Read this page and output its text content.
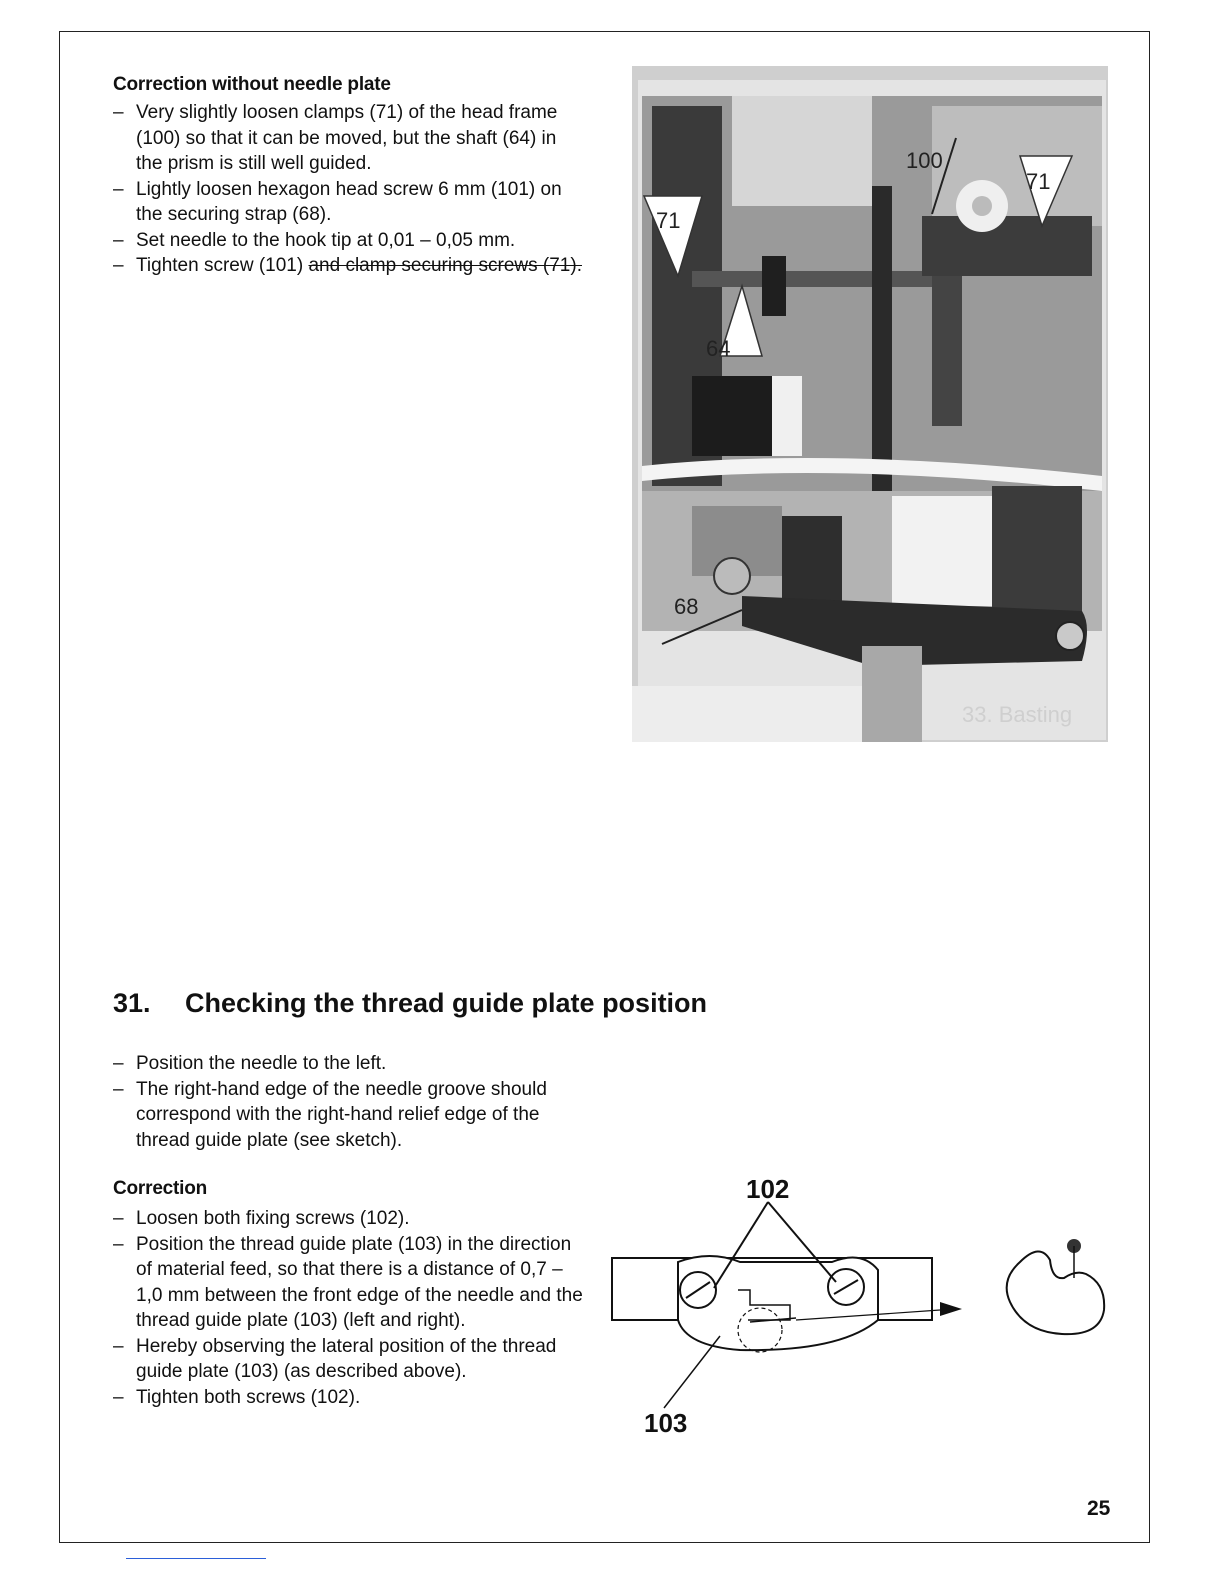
Correction without needle plate
– Very slightly loosen clamps (71) of the head frame (100) so that it can be moved, but the shaft (64) in the prism is still well guided.
– Lightly loosen hexagon head screw 6 mm (101) on the securing strap (68).
– Set needle to the hook tip at 0,01 – 0,05 mm.
– Tighten screw (101) and clamp securing screws (71).
33. Basting
71
64
71
100
68
31. Checking the thread guide plate position
– Position the needle to the left.
– The right-hand edge of the needle groove should correspond with the right-hand relief edge of the thread guide plate (see sketch).
Correction
– Loosen both fixing screws (102).
– Position the thread guide plate (103) in the direction of material feed, so that there is a distance of 0,7 – 1,0 mm between the front edge of the needle and the thread guide plate (103) (left and right).
– Hereby observing the lateral position of the thread guide plate (103) (as described above).
– Tighten both screws (102).
102
103
25
